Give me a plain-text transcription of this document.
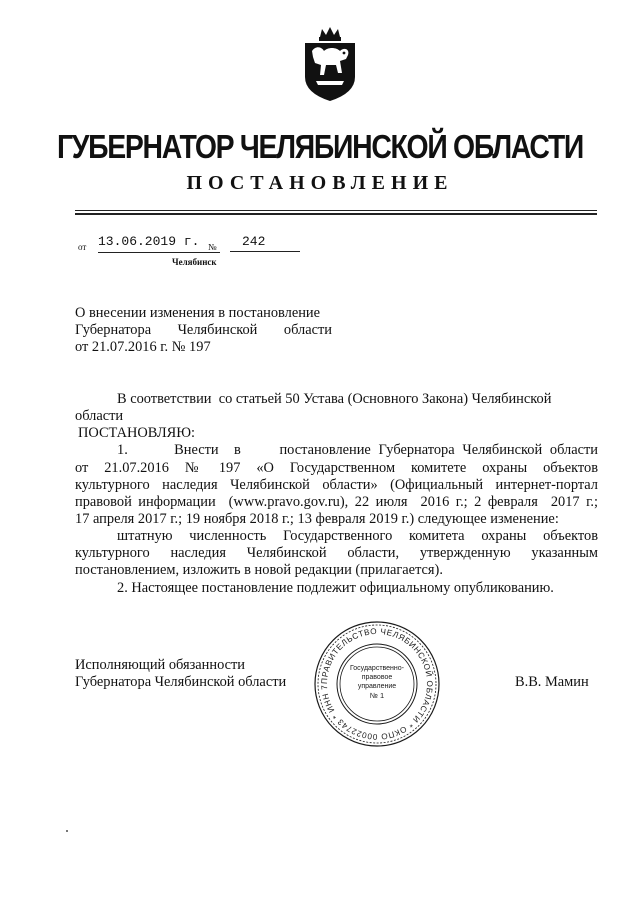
ГУБЕРНАТОР ЧЕЛЯБИНСКОЙ ОБЛАСТИ
ПОСТАНОВЛЕНИЕ
от 13.06.2019 г. №	242
Челябинск
О внесении изменения в постановление
Губернатора Челябинской области
от 21.07.2016 г. № 197
В соответствии  со статьей 50 Устава (Основного Закона) Челябинской
области
ПОСТАНОВЛЯЮ:
1.      Внести  в     постановление Губернатора Челябинской области
от  21.07.2016  №  197  «О  Государственном  комитете  охраны  объектов
культурного наследия Челябинской области» (Официальный интернет-портал
правовой информации  (www.pravo.gov.ru), 22 июля  2016 г.; 2 февраля  2017 г.;
17 апреля 2017 г.; 19 ноября 2018 г.; 13 февраля 2019 г.) следующее изменение:
штатную  численность  Государственного  комитета  охраны  объектов
культурного  наследия  Челябинской  области,  утвержденную  указанным
постановлением, изложить в новой редакции (прилагается).
2. Настоящее постановление подлежит официальному опубликованию.
Исполняющий обязанности
Губернатора Челябинской области	В.В. Мамин
ПРАВИТЕЛЬСТВО ЧЕЛЯБИНСКОЙ ОБЛАСТИ * ОКПО 00022743 * ИНН 7
Государственно-
правовое
управление
№ 1
